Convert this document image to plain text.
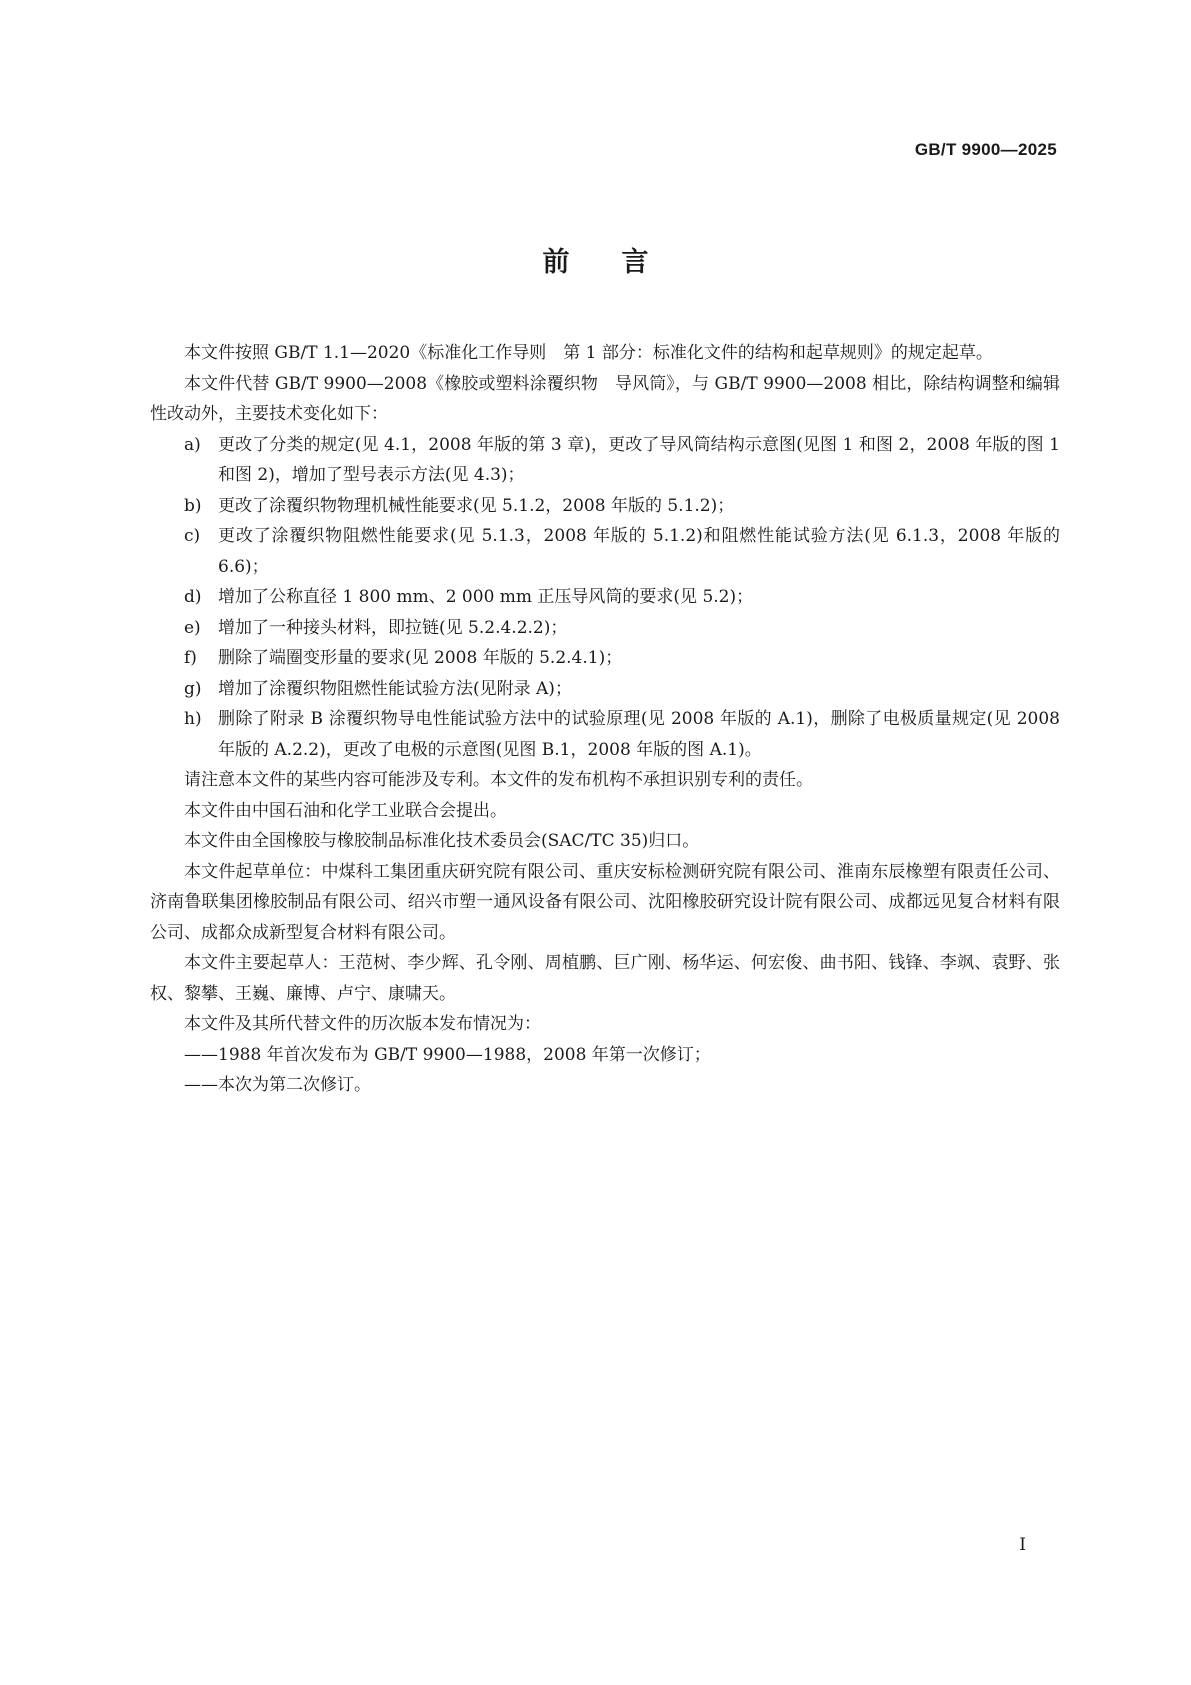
GB/T 9900—2025
前言

本文件按照 GB/T 1.1—2020《标准化工作导则　第 1 部分：标准化文件的结构和起草规则》的规定起草。

本文件代替 GB/T 9900—2008《橡胶或塑料涂覆织物　导风筒》，与 GB/T 9900—2008 相比，除结构调整和编辑性改动外，主要技术变化如下：

a) 更改了分类的规定(见 4.1，2008 年版的第 3 章)，更改了导风筒结构示意图(见图 1 和图 2，2008 年版的图 1 和图 2)，增加了型号表示方法(见 4.3)；
b) 更改了涂覆织物物理机械性能要求(见 5.1.2，2008 年版的 5.1.2)；
c) 更改了涂覆织物阻燃性能要求(见 5.1.3，2008 年版的 5.1.2)和阻燃性能试验方法(见 6.1.3，2008 年版的 6.6)；
d) 增加了公称直径 1 800 mm、2 000 mm 正压导风筒的要求(见 5.2)；
e) 增加了一种接头材料，即拉链(见 5.2.4.2.2)；
f) 删除了端圈变形量的要求(见 2008 年版的 5.2.4.1)；
g) 增加了涂覆织物阻燃性能试验方法(见附录 A)；
h) 删除了附录 B 涂覆织物导电性能试验方法中的试验原理(见 2008 年版的 A.1)，删除了电极质量规定(见 2008 年版的 A.2.2)，更改了电极的示意图(见图 B.1，2008 年版的图 A.1)。

请注意本文件的某些内容可能涉及专利。本文件的发布机构不承担识别专利的责任。

本文件由中国石油和化学工业联合会提出。

本文件由全国橡胶与橡胶制品标准化技术委员会(SAC/TC 35)归口。

本文件起草单位：中煤科工集团重庆研究院有限公司、重庆安标检测研究院有限公司、淮南东辰橡塑有限责任公司、济南鲁联集团橡胶制品有限公司、绍兴市塑一通风设备有限公司、沈阳橡胶研究设计院有限公司、成都远见复合材料有限公司、成都众成新型复合材料有限公司。

本文件主要起草人：王范树、李少辉、孔令刚、周植鹏、巨广刚、杨华运、何宏俊、曲书阳、钱锋、李飒、袁野、张权、黎攀、王巍、廉博、卢宁、康啸天。

本文件及其所代替文件的历次版本发布情况为：

——1988 年首次发布为 GB/T 9900—1988，2008 年第一次修订；

——本次为第二次修订。

I
